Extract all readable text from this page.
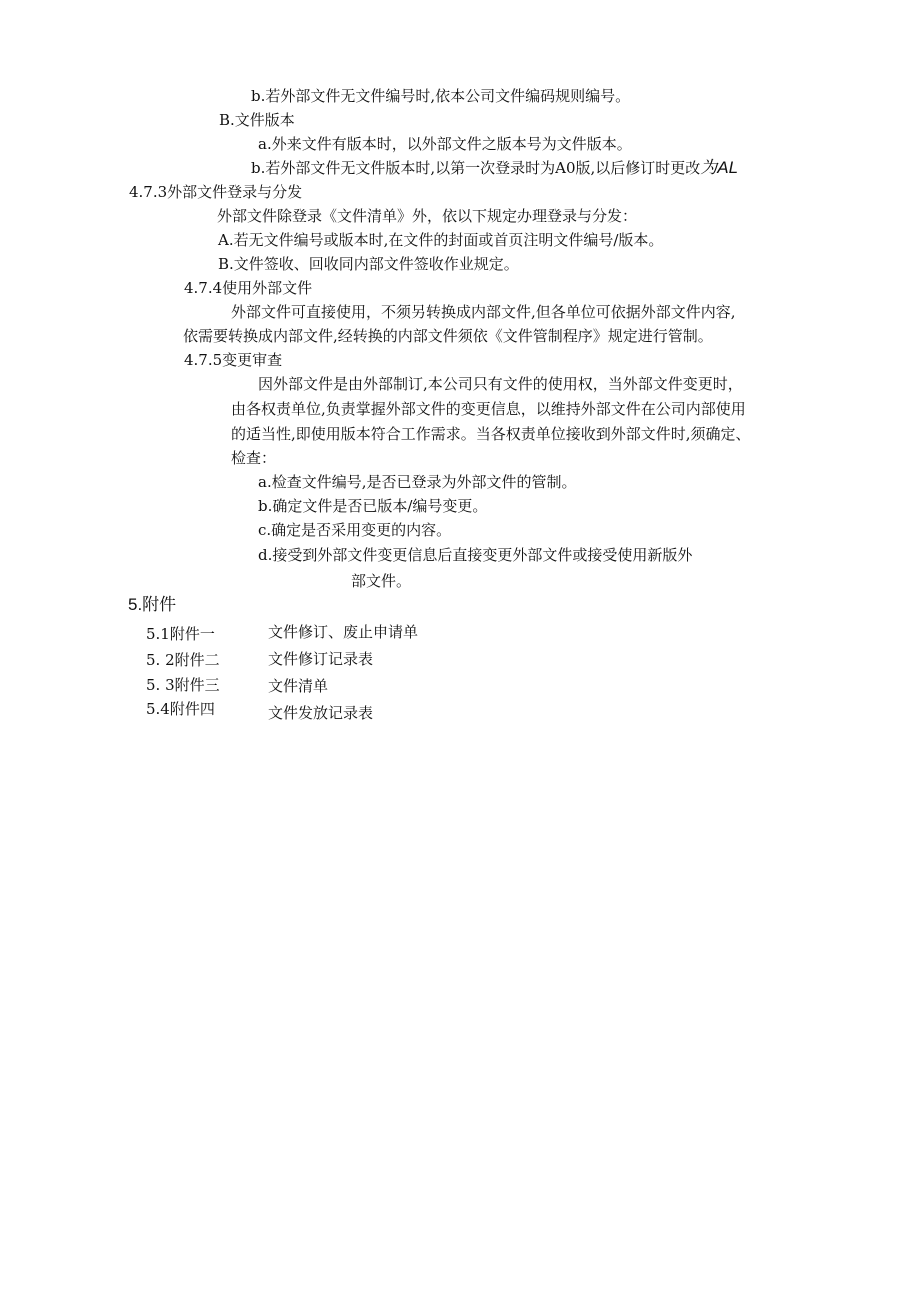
b.若外部文件无文件编号时,依本公司文件编码规则编号。
B.文件版本
a.外来文件有版本时，以外部文件之版本号为文件版本。
b.若外部文件无文件版本时,以第一次登录时为A0版,以后修订时更改为AL
4.7.3外部文件登录与分发
外部文件除登录《文件清单》外，依以下规定办理登录与分发：
A.若无文件编号或版本时,在文件的封面或首页注明文件编号/版本。
B.文件签收、回收同内部文件签收作业规定。
4.7.4使用外部文件
外部文件可直接使用，不须另转换成内部文件,但各单位可依据外部文件内容,
依需要转换成内部文件,经转换的内部文件须依《文件管制程序》规定进行管制。
4.7.5变更审查
因外部文件是由外部制订,本公司只有文件的使用权，当外部文件变更时，
由各权责单位,负责掌握外部文件的变更信息，以维持外部文件在公司内部使用
的适当性,即使用版本符合工作需求。当各权责单位接收到外部文件时,须确定、
检查：
a.检查文件编号,是否已登录为外部文件的管制。
b.确定文件是否已版本/编号变更。
c.确定是否采用变更的内容。
d.接受到外部文件变更信息后直接变更外部文件或接受使用新版外
部文件。
5.附件
5.1附件一	文件修订、废止申请单
5. 2附件二	文件修订记录表
5. 3附件三	文件清单
5.4附件四	文件发放记录表
